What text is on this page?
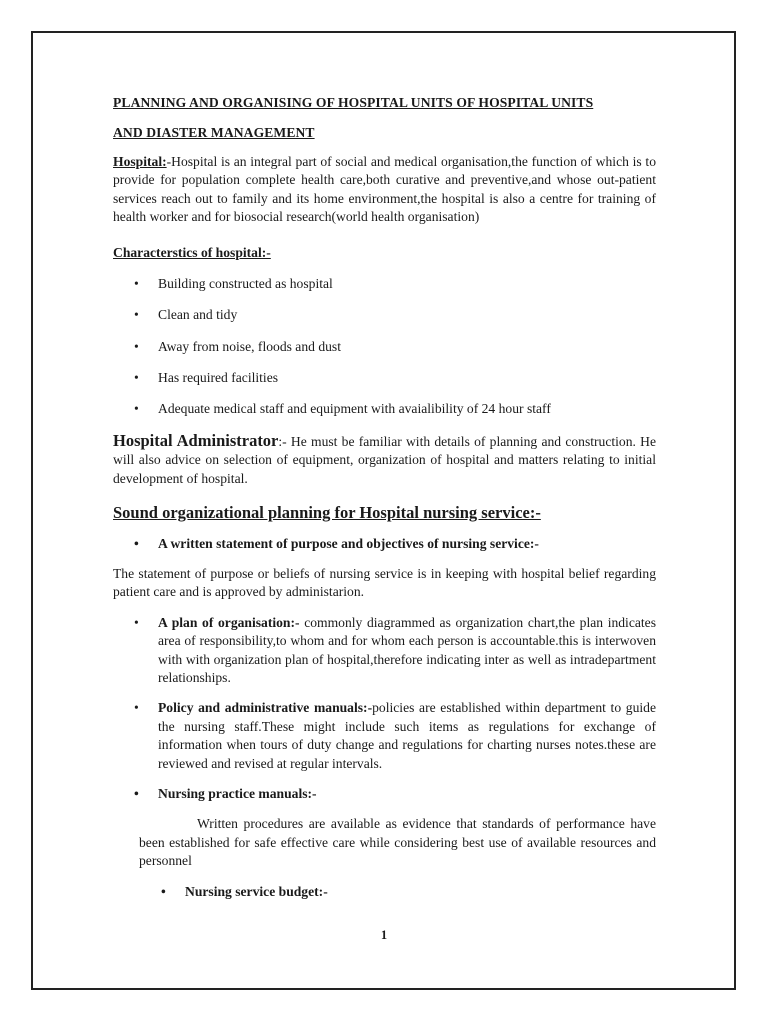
PLANNING AND ORGANISING OF HOSPITAL UNITS OF HOSPITAL UNITS

AND DIASTER MANAGEMENT

Hospital:-Hospital is an integral part of social and medical organisation,the function of which is to provide for population complete health care,both curative and preventive,and whose out-patient services reach out to family and its home environment,the hospital is also a centre for training of health worker and for biosocial research(world health organisation)

Characterstics of hospital:-

• Building constructed as hospital
• Clean and tidy
• Away from noise, floods and dust
• Has required facilities
• Adequate medical staff and equipment with avaialibility of 24 hour staff

Hospital Administrator:- He must be familiar with details of planning and construction. He will also advice on selection of equipment, organization of hospital and matters relating to initial development of hospital.

Sound organizational planning for Hospital nursing service:-

• A written statement of purpose and objectives of nursing service:-

The statement of purpose or beliefs of nursing service is in keeping with hospital belief regarding patient care and is approved by administarion.

• A plan of organisation:- commonly diagrammed as organization chart,the plan indicates area of responsibility,to whom and for whom each person is accountable.this is interwoven with with organization plan of hospital,therefore indicating inter as well as intradepartment relationships.
• Policy and administrative manuals:-policies are established within department to guide the nursing staff.These might include such items as regulations for exchange of information when tours of duty change and regulations for charting nurses notes.these are reviewed and revised at regular intervals.
• Nursing practice manuals:-

Written procedures are available as evidence that standards of performance have been established for safe effective care while considering best use of available resources and personnel

• Nursing service budget:-
1
